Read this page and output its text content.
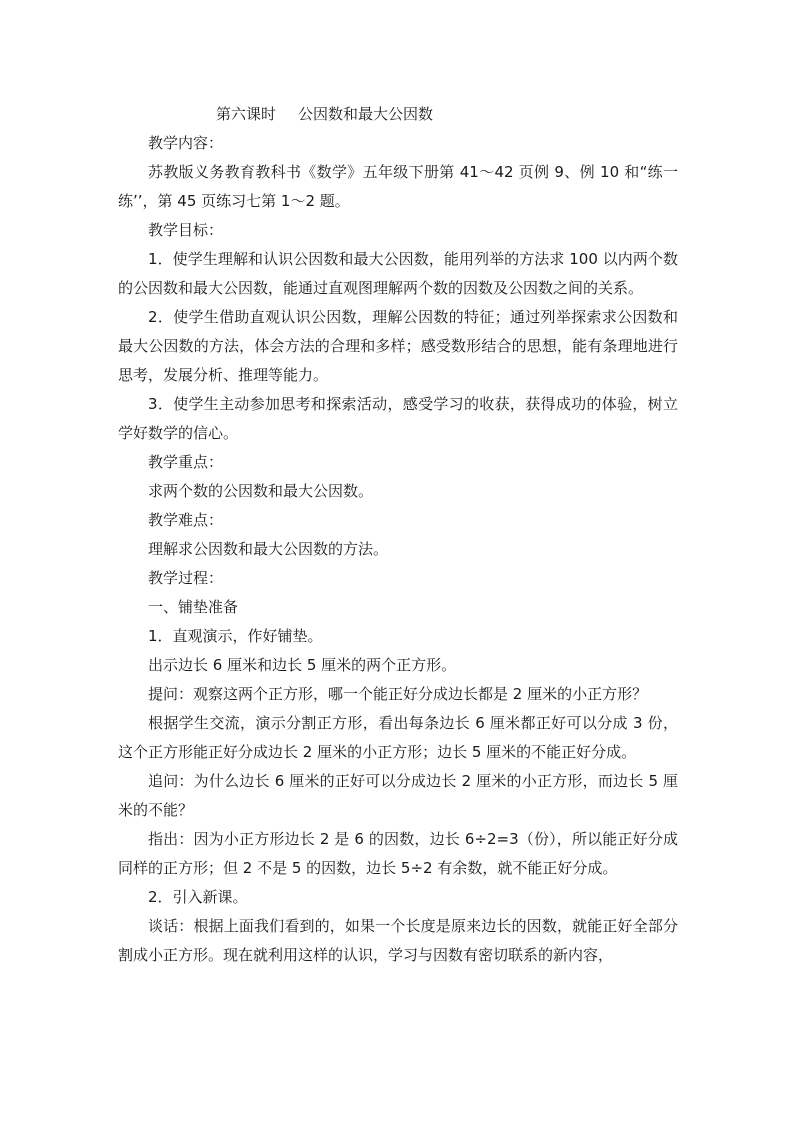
第六课时 公因数和最大公因数

教学内容：

苏教版义务教育教科书《数学》五年级下册第 41～42 页例 9、例 10 和“练一练’’，第 45 页练习七第 1～2 题。

教学目标：

1．使学生理解和认识公因数和最大公因数，能用列举的方法求 100 以内两个数的公因数和最大公因数，能通过直观图理解两个数的因数及公因数之间的关系。

2．使学生借助直观认识公因数，理解公因数的特征；通过列举探索求公因数和最大公因数的方法，体会方法的合理和多样；感受数形结合的思想，能有条理地进行思考，发展分析、推理等能力。

3．使学生主动参加思考和探索活动，感受学习的收获，获得成功的体验，树立学好数学的信心。

教学重点：

求两个数的公因数和最大公因数。

教学难点：

理解求公因数和最大公因数的方法。

教学过程：

一、铺垫准备

1．直观演示，作好铺垫。

出示边长 6 厘米和边长 5 厘米的两个正方形。

提问：观察这两个正方形，哪一个能正好分成边长都是 2 厘米的小正方形？

根据学生交流，演示分割正方形，看出每条边长 6 厘米都正好可以分成 3 份，这个正方形能正好分成边长 2 厘米的小正方形；边长 5 厘米的不能正好分成。

追问：为什么边长 6 厘米的正好可以分成边长 2 厘米的小正方形，而边长 5 厘米的不能？

指出：因为小正方形边长 2 是 6 的因数，边长 6÷2=3（份），所以能正好分成同样的正方形；但 2 不是 5 的因数，边长 5÷2 有余数，就不能正好分成。

2．引入新课。

谈话：根据上面我们看到的，如果一个长度是原来边长的因数，就能正好全部分割成小正方形。现在就利用这样的认识，学习与因数有密切联系的新内容，
